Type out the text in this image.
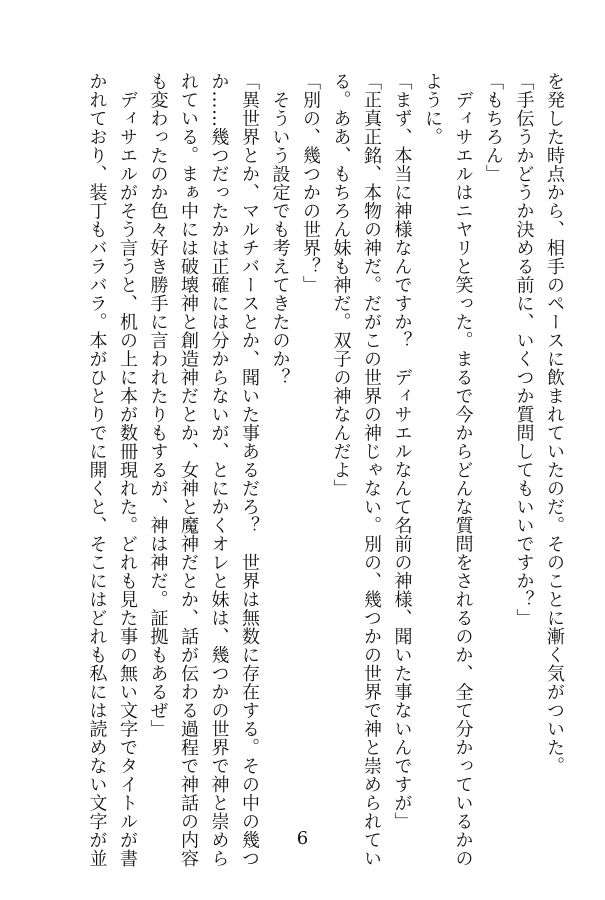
を発した時点から、相手のペースに飲まれていたのだ。そのことに漸く気がついた。
「手伝うかどうか決める前に、いくつか質問してもいいですか？」
「もちろん」
　ディサエルはニヤリと笑った。まるで今からどんな質問をされるのか、全て分かっているかの
ように。
「まず、本当に神様なんですか？　ディサエルなんて名前の神様、聞いた事ないんですが」
「正真正銘、本物の神だ。だがこの世界の神じゃない。別の、幾つかの世界で神と崇められてい
る。ああ、もちろん妹も神だ。双子の神なんだよ」
「別の、幾つかの世界？」
　そういう設定でも考えてきたのか？
「異世界とか、マルチバースとか、聞いた事あるだろ？　世界は無数に存在する。その中の幾つ
か……幾つだったかは正確には分からないが、とにかくオレと妹は、幾つかの世界で神と崇めら
れている。まぁ中には破壊神と創造神だとか、女神と魔神だとか、話が伝わる過程で神話の内容
も変わったのか色々好き勝手に言われたりもするが、神は神だ。証拠もあるぜ」
　ディサエルがそう言うと、机の上に本が数冊現れた。どれも見た事の無い文字でタイトルが書
かれており、装丁もバラバラ。本がひとりでに開くと、そこにはどれも私には読めない文字が並	6
